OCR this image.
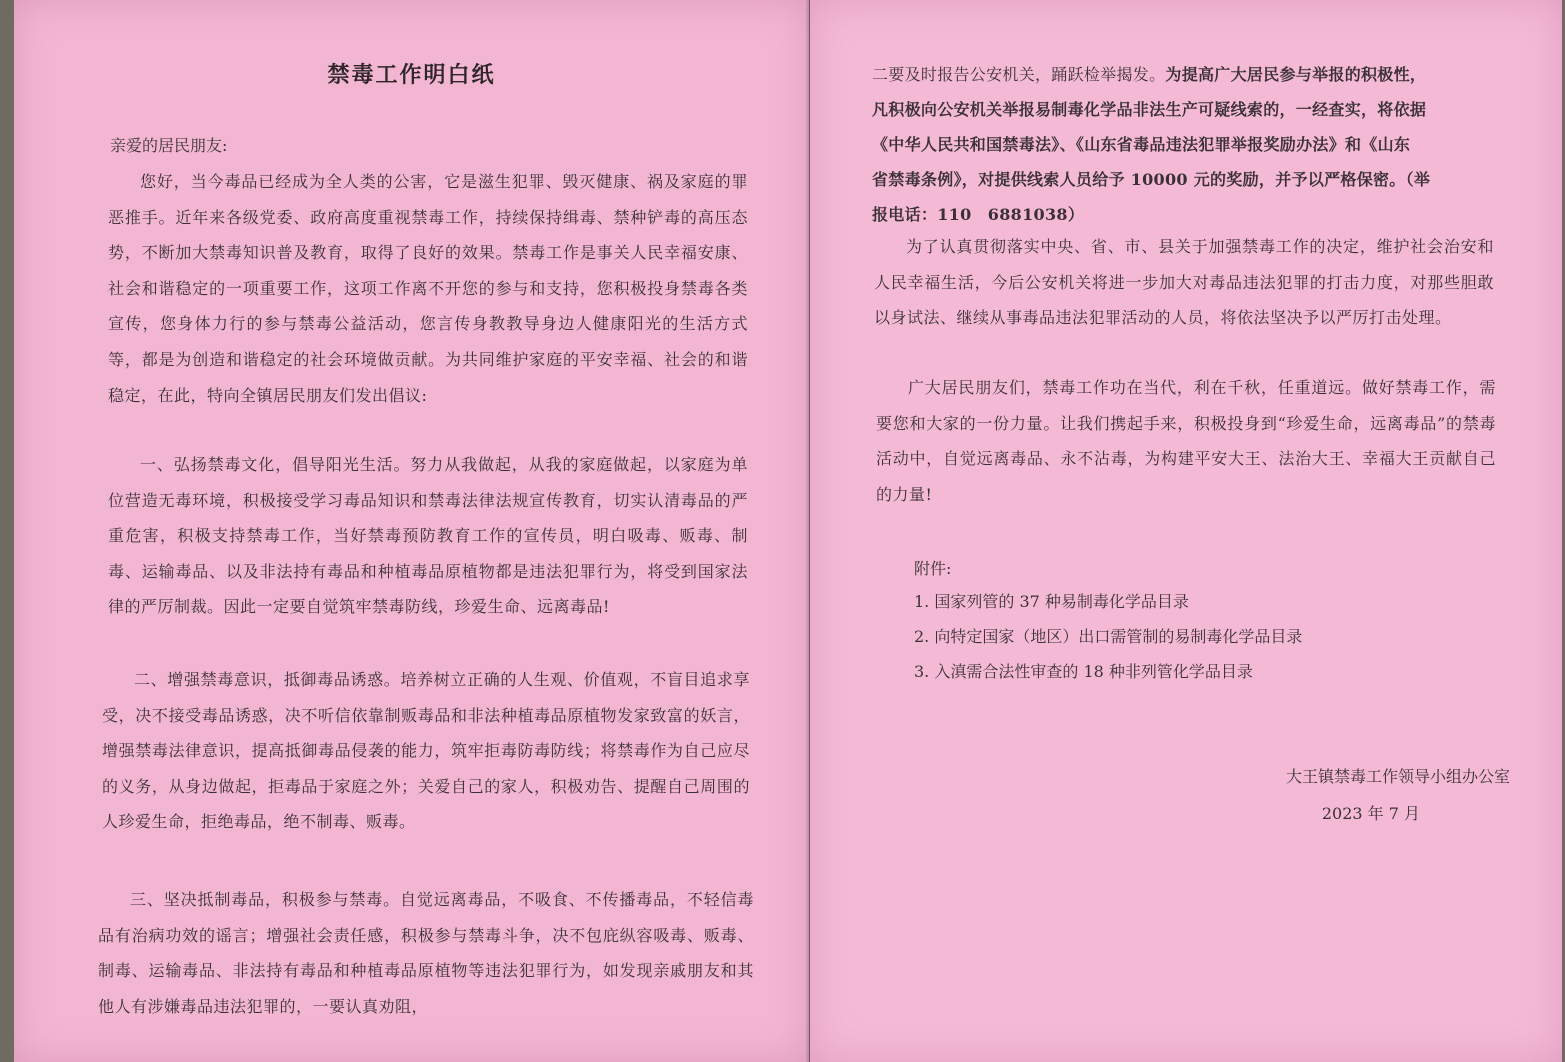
禁毒工作明白纸
亲爱的居民朋友:

您好，当今毒品已经成为全人类的公害，它是滋生犯罪、毁灭健康、祸及家庭的罪恶推手。近年来各级党委、政府高度重视禁毒工作，持续保持缉毒、禁种铲毒的高压态势，不断加大禁毒知识普及教育，取得了良好的效果。禁毒工作是事关人民幸福安康、社会和谐稳定的一项重要工作，这项工作离不开您的参与和支持，您积极投身禁毒各类宣传，您身体力行的参与禁毒公益活动，您言传身教教导身边人健康阳光的生活方式等，都是为创造和谐稳定的社会环境做贡献。为共同维护家庭的平安幸福、社会的和谐稳定，在此，特向全镇居民朋友们发出倡议:

一、弘扬禁毒文化，倡导阳光生活。努力从我做起，从我的家庭做起，以家庭为单位营造无毒环境，积极接受学习毒品知识和禁毒法律法规宣传教育，切实认清毒品的严重危害，积极支持禁毒工作，当好禁毒预防教育工作的宣传员，明白吸毒、贩毒、制毒、运输毒品、以及非法持有毒品和种植毒品原植物都是违法犯罪行为，将受到国家法律的严厉制裁。因此一定要自觉筑牢禁毒防线，珍爱生命、远离毒品!

二、增强禁毒意识，抵御毒品诱惑。培养树立正确的人生观、价值观，不盲目追求享受，决不接受毒品诱惑，决不听信依靠制贩毒品和非法种植毒品原植物发家致富的妖言，增强禁毒法律意识，提高抵御毒品侵袭的能力，筑牢拒毒防毒防线；将禁毒作为自己应尽的义务，从身边做起，拒毒品于家庭之外；关爱自己的家人，积极劝告、提醒自己周围的人珍爱生命，拒绝毒品，绝不制毒、贩毒。

三、坚决抵制毒品，积极参与禁毒。自觉远离毒品，不吸食、不传播毒品，不轻信毒品有治病功效的谣言；增强社会责任感，积极参与禁毒斗争，决不包庇纵容吸毒、贩毒、制毒、运输毒品、非法持有毒品和种植毒品原植物等违法犯罪行为，如发现亲戚朋友和其他人有涉嫌毒品违法犯罪的，一要认真劝阻，

二要及时报告公安机关，踊跃检举揭发。为提高广大居民参与举报的积极性，
凡积极向公安机关举报易制毒化学品非法生产可疑线索的，一经查实，将依据
《中华人民共和国禁毒法》、《山东省毒品违法犯罪举报奖励办法》和《山东
省禁毒条例》，对提供线索人员给予 10000 元的奖励，并予以严格保密。（举
报电话：110　6881038）

为了认真贯彻落实中央、省、市、县关于加强禁毒工作的决定，维护社会治安和人民幸福生活，今后公安机关将进一步加大对毒品违法犯罪的打击力度，对那些胆敢以身试法、继续从事毒品违法犯罪活动的人员，将依法坚决予以严厉打击处理。

广大居民朋友们，禁毒工作功在当代，利在千秋，任重道远。做好禁毒工作，需要您和大家的一份力量。让我们携起手来，积极投身到“珍爱生命，远离毒品”的禁毒活动中，自觉远离毒品、永不沾毒，为构建平安大王、法治大王、幸福大王贡献自己的力量!

附件:
1. 国家列管的 37 种易制毒化学品目录
2. 向特定国家（地区）出口需管制的易制毒化学品目录
3. 入滇需合法性审查的 18 种非列管化学品目录
大王镇禁毒工作领导小组办公室
2023 年 7 月
